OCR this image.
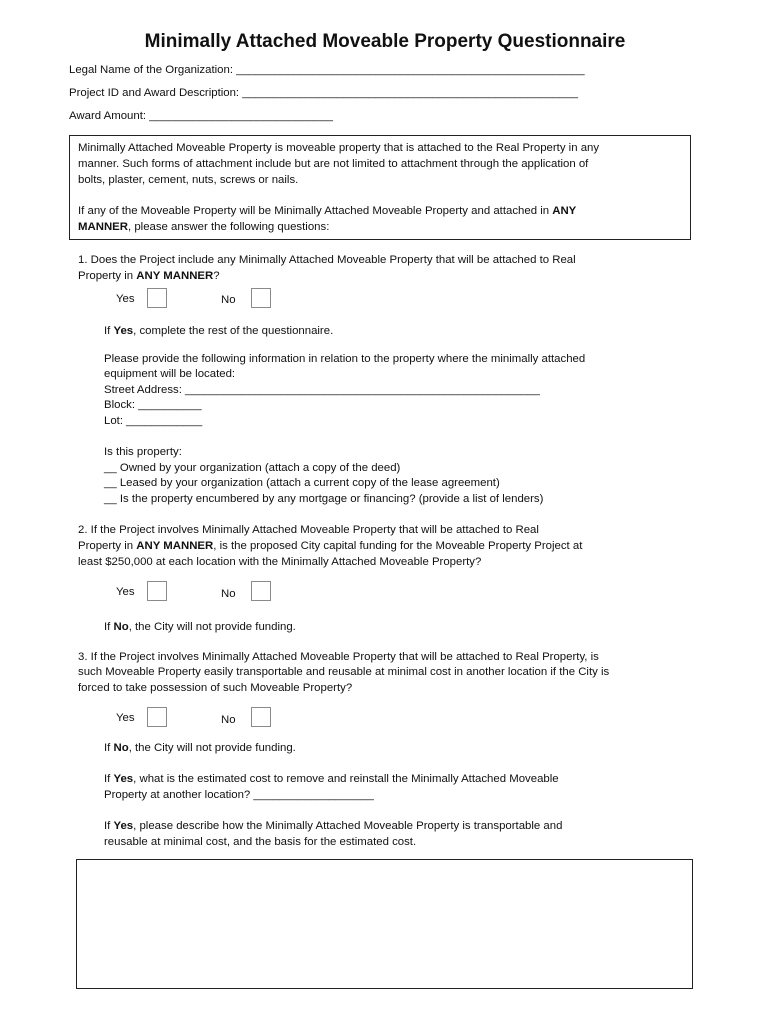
Minimally Attached Moveable Property Questionnaire
Legal Name of the Organization: _______________________________________________________
Project ID and Award Description: _____________________________________________________
Award Amount: _____________________________
Minimally Attached Moveable Property is moveable property that is attached to the Real Property in any
manner. Such forms of attachment include but are not limited to attachment through the application of
bolts, plaster, cement, nuts, screws or nails.
If any of the Moveable Property will be Minimally Attached Moveable Property and attached in ANY
MANNER, please answer the following questions:
1. Does the Project include any Minimally Attached Moveable Property that will be attached to Real
Property in ANY MANNER?
Yes	No
If Yes, complete the rest of the questionnaire.
Please provide the following information in relation to the property where the minimally attached
equipment will be located:
Street Address: ________________________________________________________
Block: __________
Lot: ____________
Is this property:
__ Owned by your organization (attach a copy of the deed)
__ Leased by your organization (attach a current copy of the lease agreement)
__ Is the property encumbered by any mortgage or financing? (provide a list of lenders)
2. If the Project involves Minimally Attached Moveable Property that will be attached to Real
Property in ANY MANNER, is the proposed City capital funding for the Moveable Property Project at
least $250,000 at each location with the Minimally Attached Moveable Property?
Yes	No
If No, the City will not provide funding.
3. If the Project involves Minimally Attached Moveable Property that will be attached to Real Property, is
such Moveable Property easily transportable and reusable at minimal cost in another location if the City is
forced to take possession of such Moveable Property?
Yes	No
If No, the City will not provide funding.
If Yes, what is the estimated cost to remove and reinstall the Minimally Attached Moveable
Property at another location? ___________________
If Yes, please describe how the Minimally Attached Moveable Property is transportable and
reusable at minimal cost, and the basis for the estimated cost.
